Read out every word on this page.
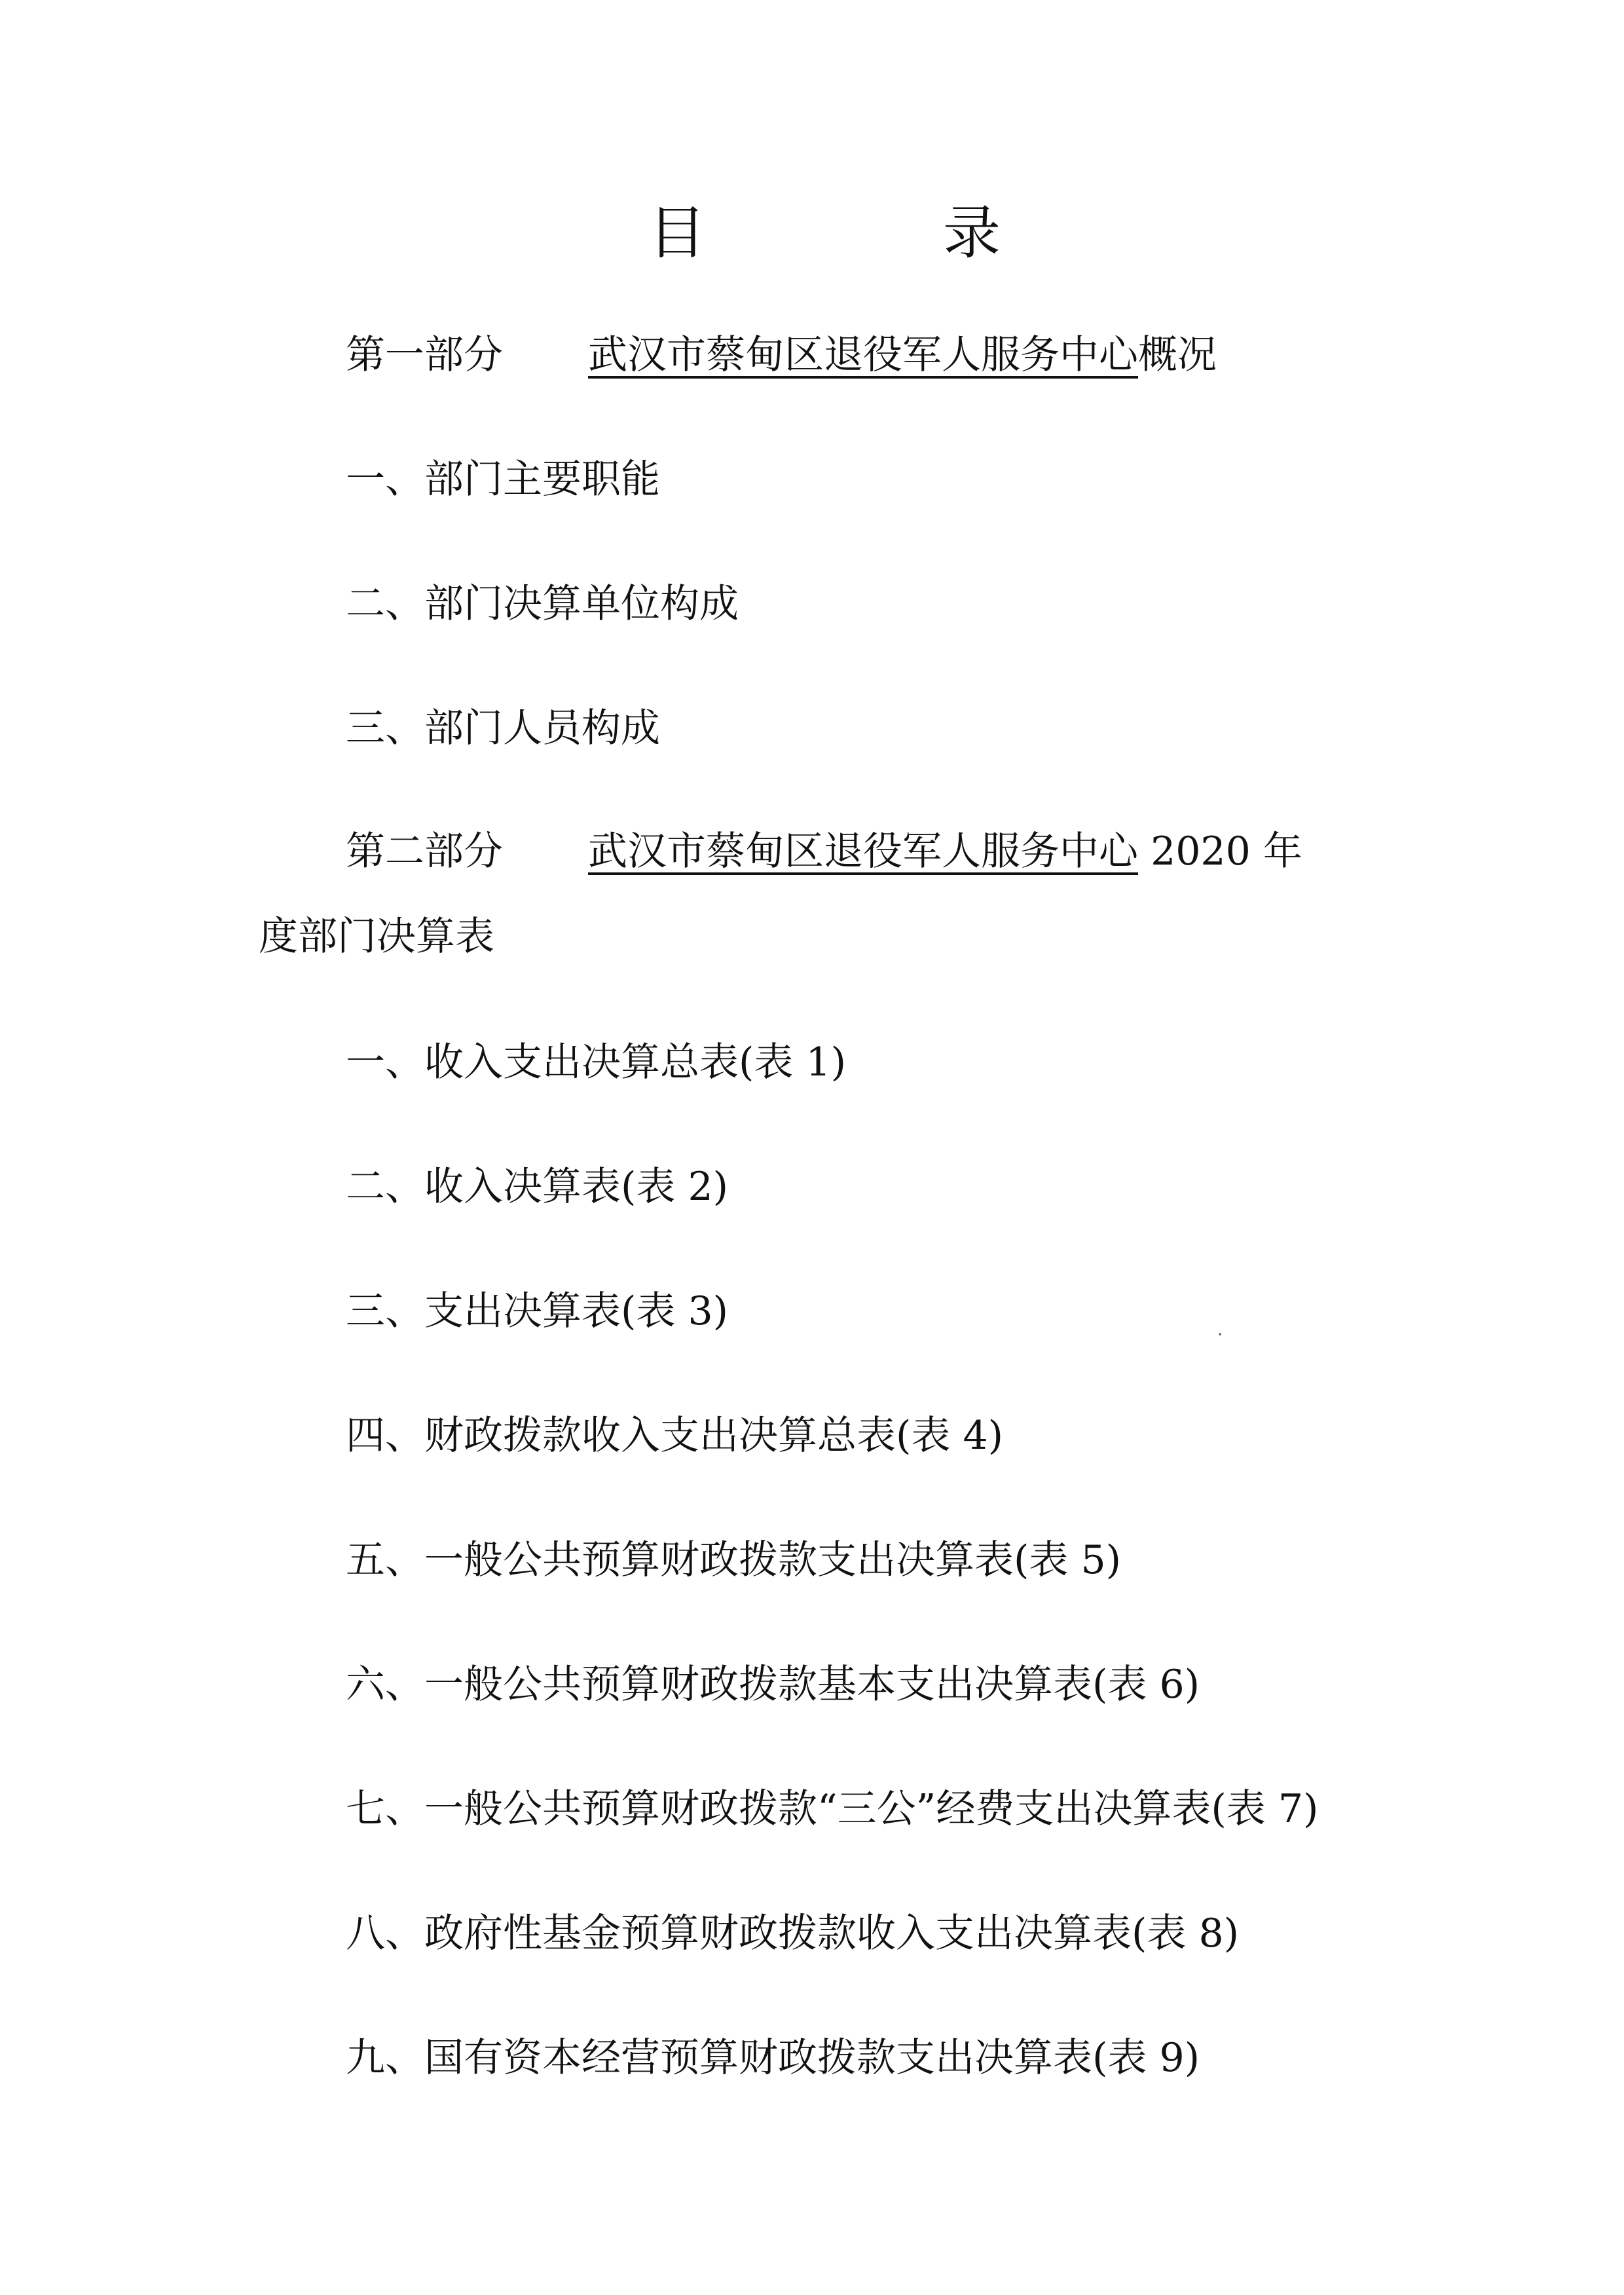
目	录
第一部分 武汉市蔡甸区退役军人服务中心概况
一、部门主要职能
二、部门决算单位构成
三、部门人员构成
第二部分 武汉市蔡甸区退役军人服务中心 2020 年
度部门决算表
一、收入支出决算总表(表 1)
二、收入决算表(表 2)
三、支出决算表(表 3)
四、财政拨款收入支出决算总表(表 4)
五、一般公共预算财政拨款支出决算表(表 5)
六、一般公共预算财政拨款基本支出决算表(表 6)
七、一般公共预算财政拨款“三公”经费支出决算表(表 7)
八、政府性基金预算财政拨款收入支出决算表(表 8)
九、国有资本经营预算财政拨款支出决算表(表 9)
